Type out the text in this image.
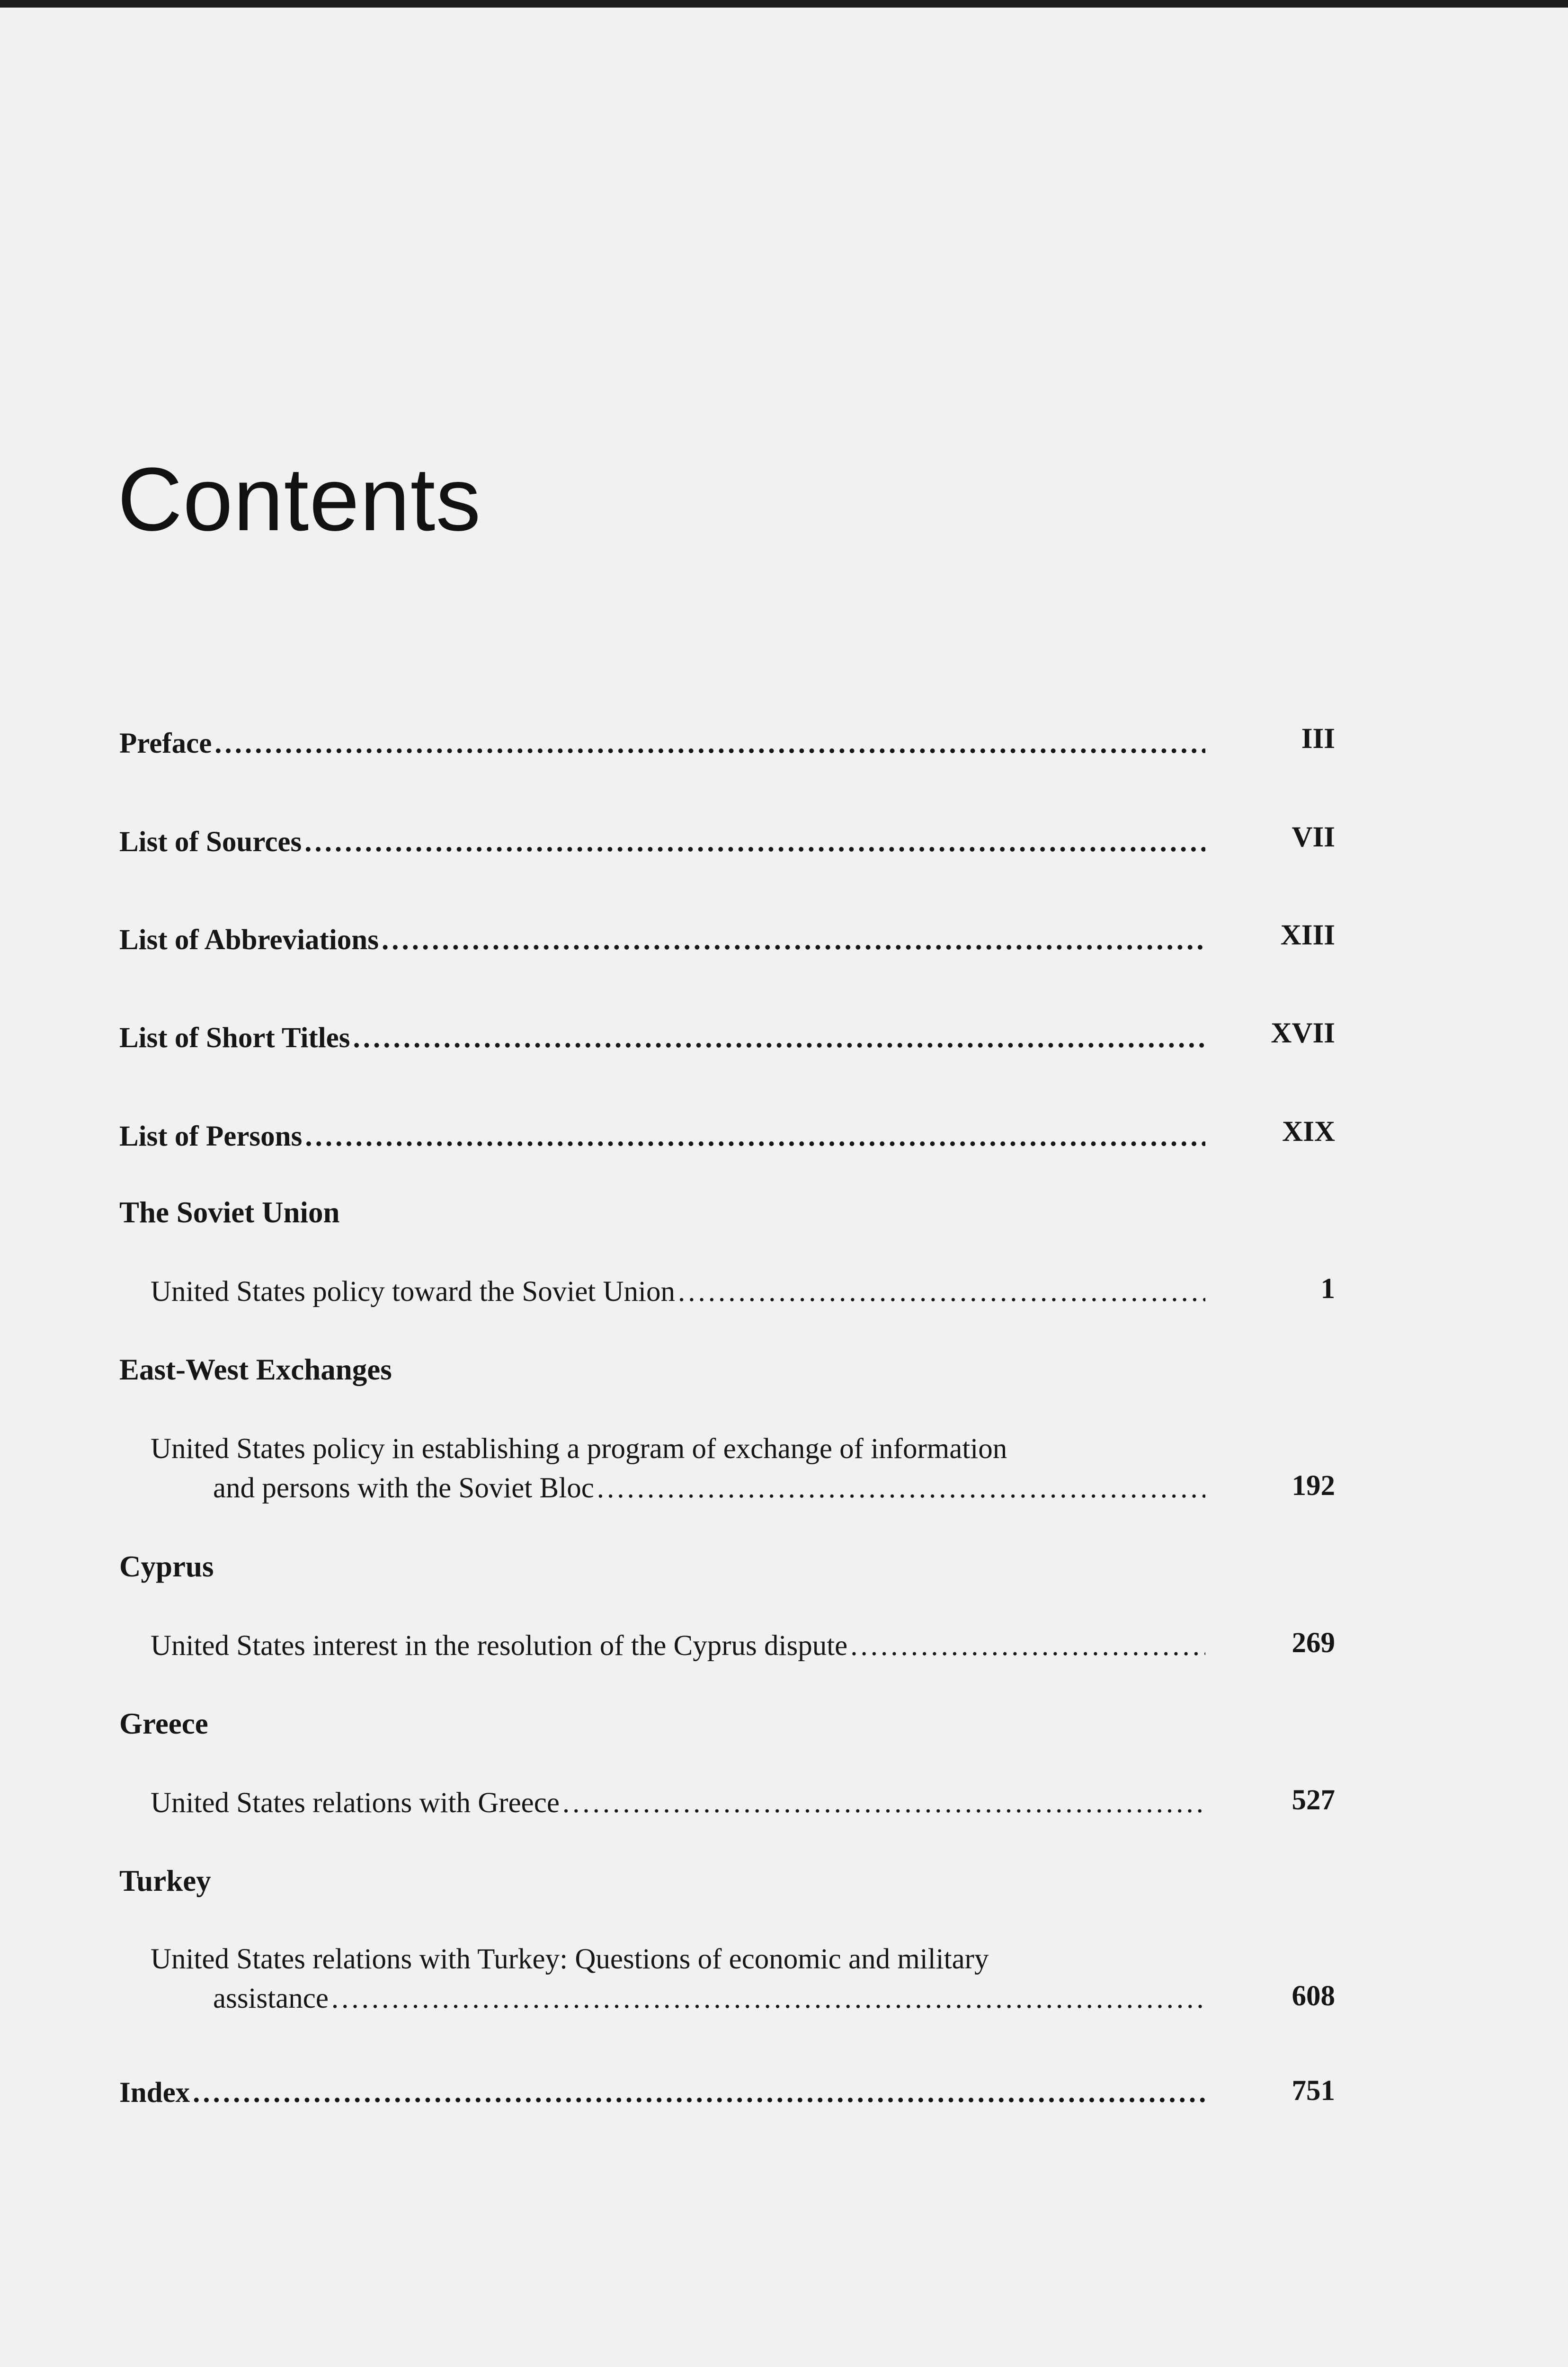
Contents
Preface .....	III
List of Sources .....	VII
List of Abbreviations .....	XIII
List of Short Titles .....	XVII
List of Persons .....	XIX
The Soviet Union
United States policy toward the Soviet Union .....	1
East-West Exchanges
United States policy in establishing a program of exchange of information
and persons with the Soviet Bloc .....	192
Cyprus
United States interest in the resolution of the Cyprus dispute .....	269
Greece
United States relations with Greece .....	527
Turkey
United States relations with Turkey: Questions of economic and military
assistance .....	608
Index .....	751
